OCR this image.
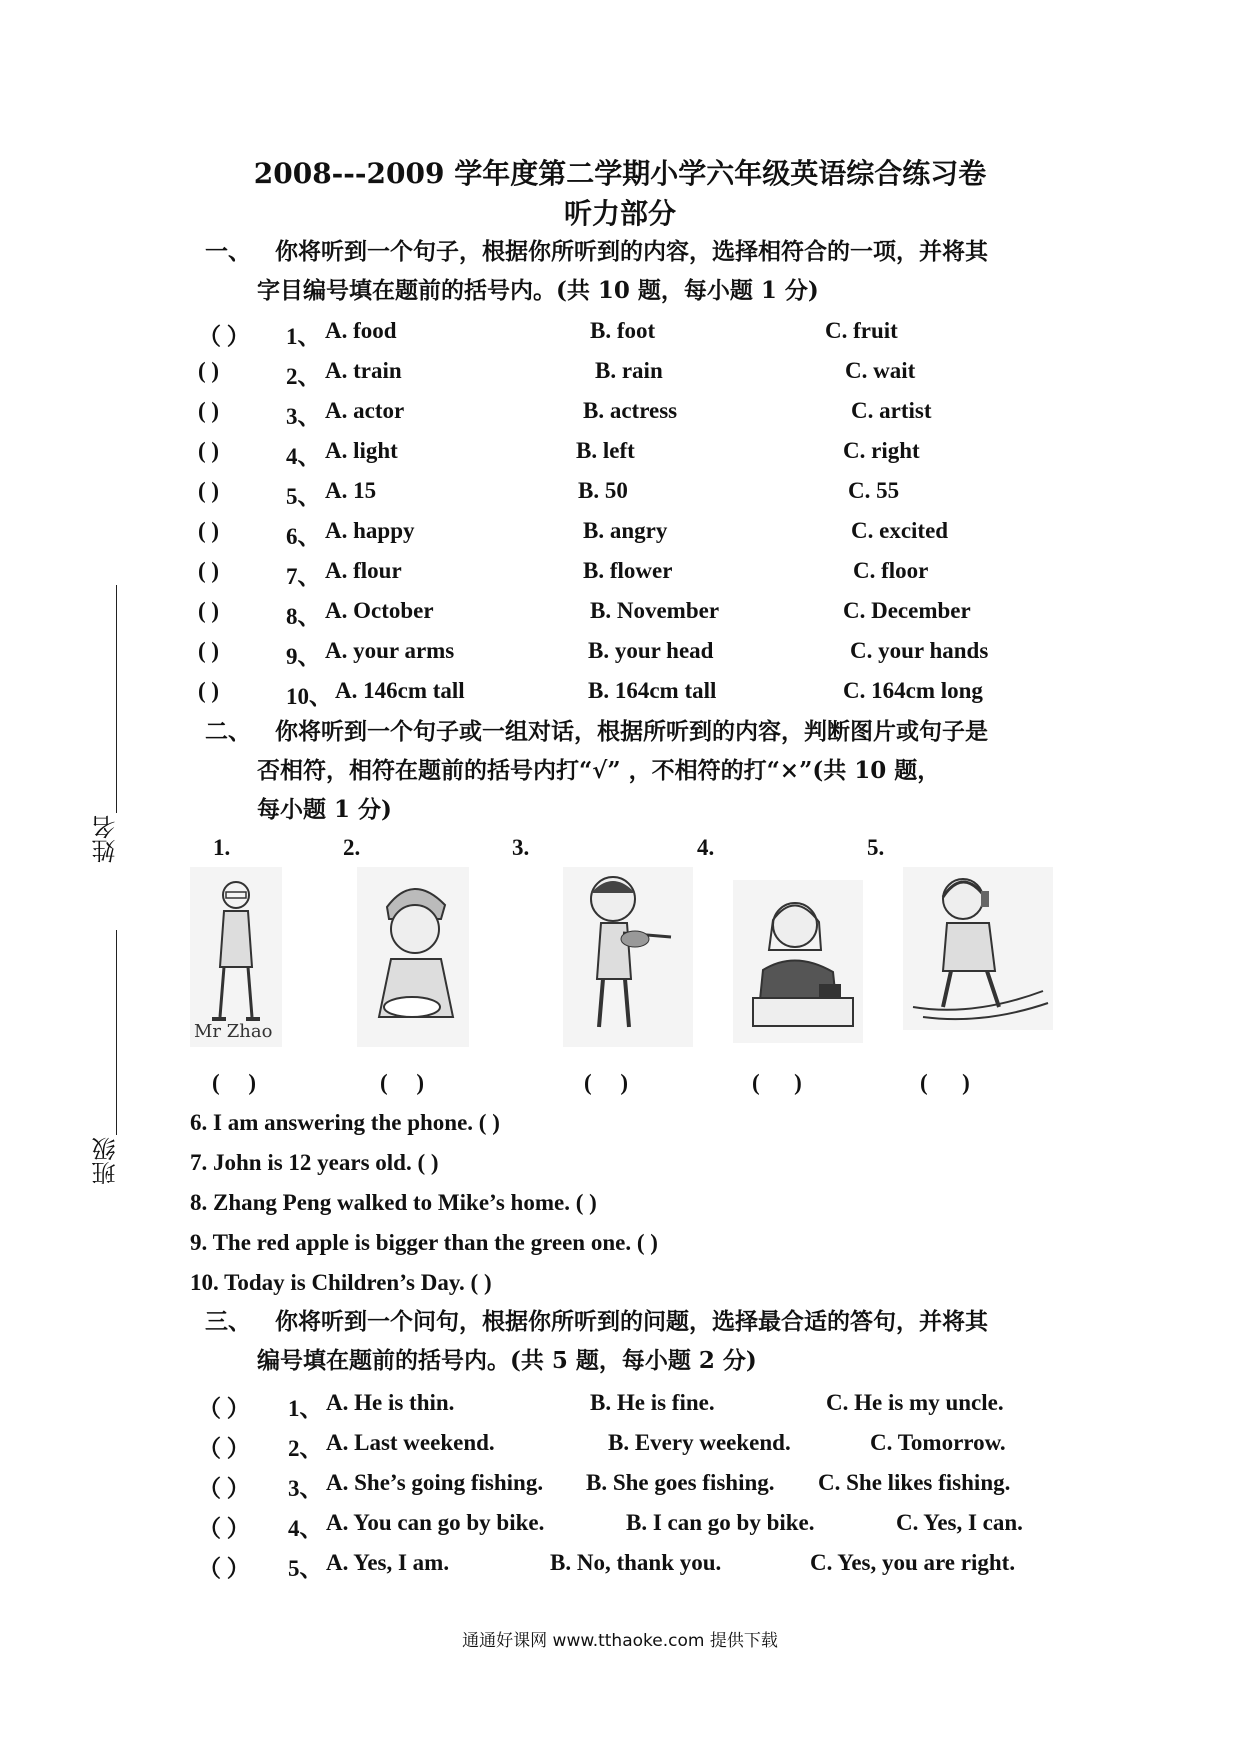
姓名
班级
2008---2009 学年度第二学期小学六年级英语综合练习卷
听力部分
一、 你将听到一个句子，根据你所听到的内容，选择相符合的一项，并将其
字目编号填在题前的括号内。(共 10 题，每小题 1 分)
（ ） 1、 A. food	B. foot	C. fruit
( )	2、 A. train	B. rain	C. wait
( )	3、 A. actor	B. actress	C. artist
( )	4、 A. light	B. left	C. right
( )	5、 A. 15	B. 50	C. 55
( )	6、 A. happy	B. angry	C. excited
( )	7、 A. flour	B. flower	C. floor
( )	8、 A. October	B. November	C. December
( )	9、 A. your arms	B. your head	C. your hands
( )	10、 A. 146cm tall	B. 164cm tall	C. 164cm long
二、 你将听到一个句子或一组对话，根据所听到的内容，判断图片或句子是
否相符，相符在题前的括号内打“√” ，不相符的打“×”(共 10 题，
每小题 1 分)
1.	2.	3.	4.	5.
Mr Zhao
(     )	(     )	(     )	(      )	(      )
6. I am answering the phone. ( )
7. John is 12 years old. ( )
8. Zhang Peng walked to Mike’s home. ( )
9. The red apple is bigger than the green one. ( )
10. Today is Children’s Day. ( )
三、 你将听到一个问句，根据你所听到的问题，选择最合适的答句，并将其
编号填在题前的括号内。(共 5 题，每小题 2 分)
（ ） 1、 A. He is thin.	B. He is fine.	C. He is my uncle.
（ ） 2、 A. Last weekend.	B. Every weekend.	C. Tomorrow.
（ ） 3、 A. She’s going fishing. B. She goes fishing. C. She likes fishing.
（ ） 4、 A. You can go by bike.	B. I can go by bike.	C. Yes, I can.
（ ） 5、 A. Yes, I am.	B. No, thank you.	C. Yes, you are right.
通通好课网 www.tthaoke.com 提供下载
